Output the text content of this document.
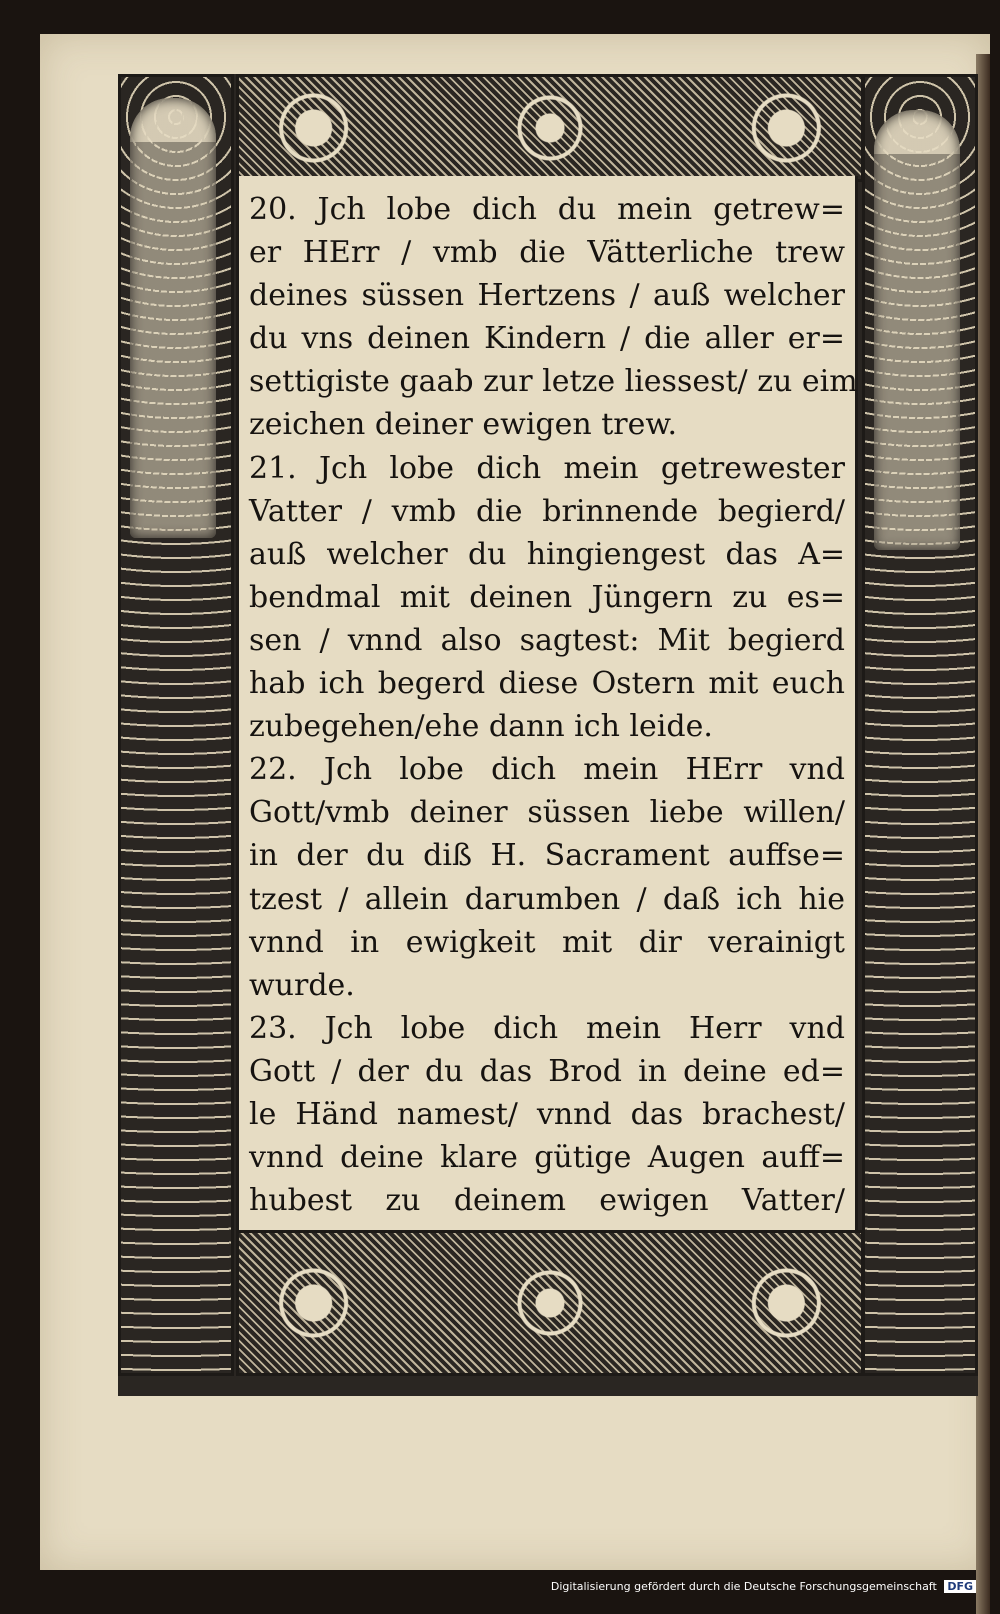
20. Jch lobe dich du mein getrew=
er HErr / vmb die Vätterliche trew
deines süssen Hertzens / auß welcher
du vns deinen Kindern / die aller er=
settigiste gaab zur letze liessest/ zu eim
zeichen deiner ewigen trew.
21. Jch lobe dich mein getrewester
Vatter / vmb die brinnende begierd/
auß welcher du hingiengest das A=
bendmal mit deinen Jüngern zu es=
sen / vnnd also sagtest: Mit begierd
hab ich begerd diese Ostern mit euch
zubegehen/ehe dann ich leide.
22. Jch lobe dich mein HErr vnd
Gott/vmb deiner süssen liebe willen/
in der du diß H. Sacrament auffse=
tzest / allein darumben / daß ich hie
vnnd in ewigkeit mit dir verainigt
wurde.
23. Jch lobe dich mein Herr vnd
Gott / der du das Brod in deine ed=
le Händ namest/ vnnd das brachest/
vnnd deine klare gütige Augen auff=
hubest zu deinem ewigen Vatter/
Digitalisierung gefördert durch die Deutsche Forschungsgemeinschaft DFG
